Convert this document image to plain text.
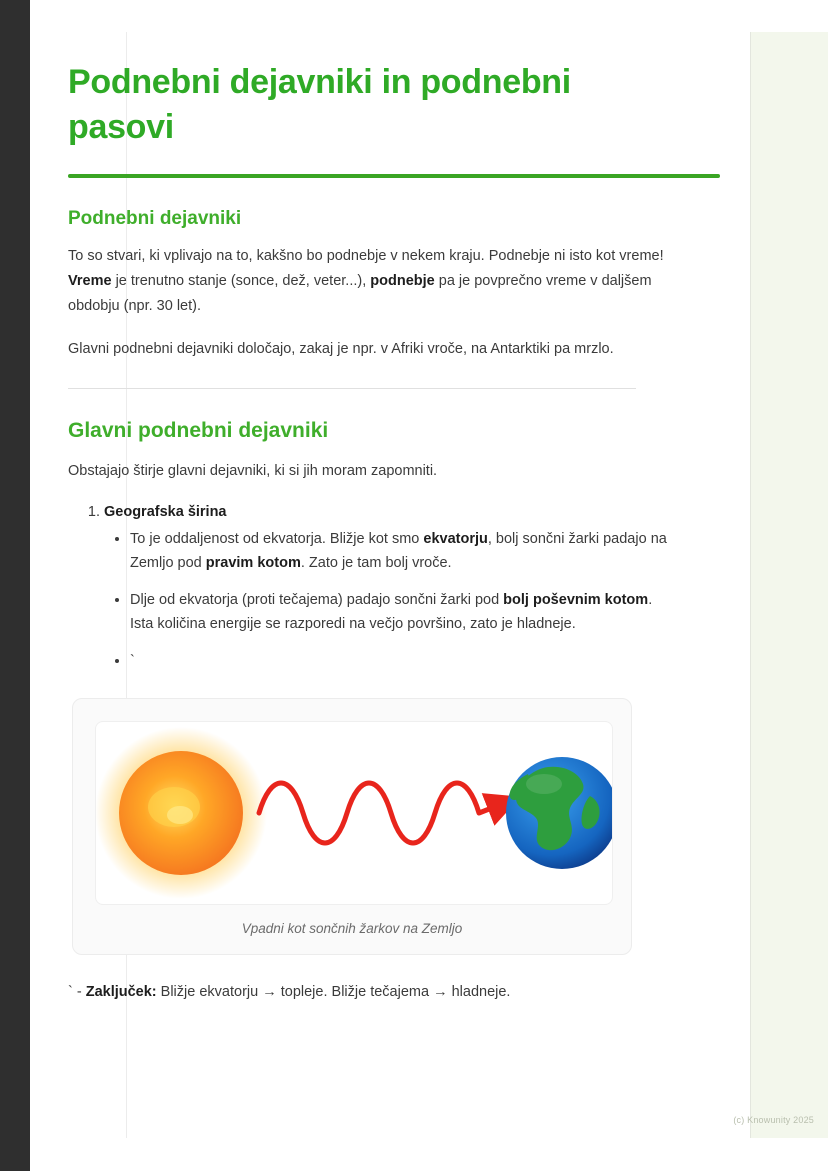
Podnebni dejavniki in podnebni pasovi
Podnebni dejavniki

To so stvari, ki vplivajo na to, kakšno bo podnebje v nekem kraju. Podnebje ni isto kot vreme! Vreme je trenutno stanje (sonce, dež, veter...), podnebje pa je povprečno vreme v daljšem obdobju (npr. 30 let).

Glavni podnebni dejavniki določajo, zakaj je npr. v Afriki vroče, na Antarktiki pa mrzlo.

Glavni podnebni dejavniki

Obstajajo štirje glavni dejavniki, ki si jih moram zapomniti.

1. Geografska širina
• To je oddaljenost od ekvatorja. Bližje kot smo ekvatorju, bolj sončni žarki padajo na Zemljo pod pravim kotom. Zato je tam bolj vroče.
• Dlje od ekvatorja (proti tečajema) padajo sončni žarki pod bolj poševnim kotom. Ista količina energije se razporedi na večjo površino, zato je hladneje.
• `
Vpadni kot sončnih žarkov na Zemljo
` - Zaključek: Bližje ekvatorju → topleje. Bližje tečajema → hladneje.
(c) Knowunity 2025
